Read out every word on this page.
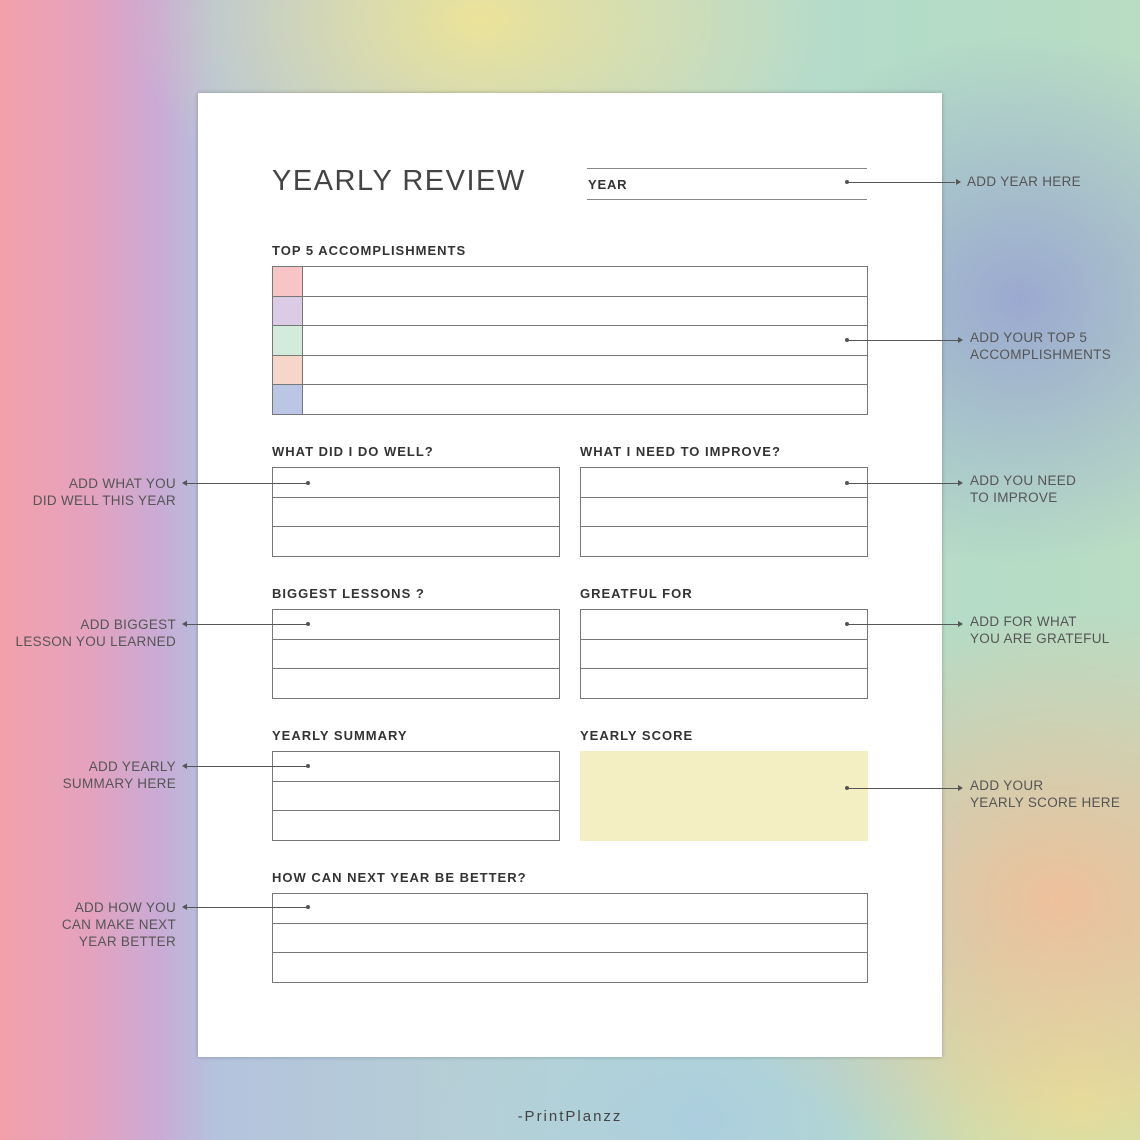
YEARLY REVIEW	YEAR
TOP 5 ACCOMPLISHMENTS
WHAT DID I DO WELL?	WHAT I NEED TO IMPROVE?
BIGGEST LESSONS ?	GREATFUL FOR
YEARLY SUMMARY	YEARLY SCORE
HOW CAN NEXT YEAR BE BETTER?
ADD YEAR HERE
ADD YOUR TOP 5
ACCOMPLISHMENTS
ADD YOU NEED
TO IMPROVE
ADD FOR WHAT
YOU ARE GRATEFUL
ADD YOUR
YEARLY SCORE HERE
ADD WHAT YOU
DID WELL THIS YEAR
ADD BIGGEST
LESSON YOU LEARNED
ADD YEARLY
SUMMARY HERE
ADD HOW YOU
CAN MAKE NEXT
YEAR BETTER
-PrintPlanzz
